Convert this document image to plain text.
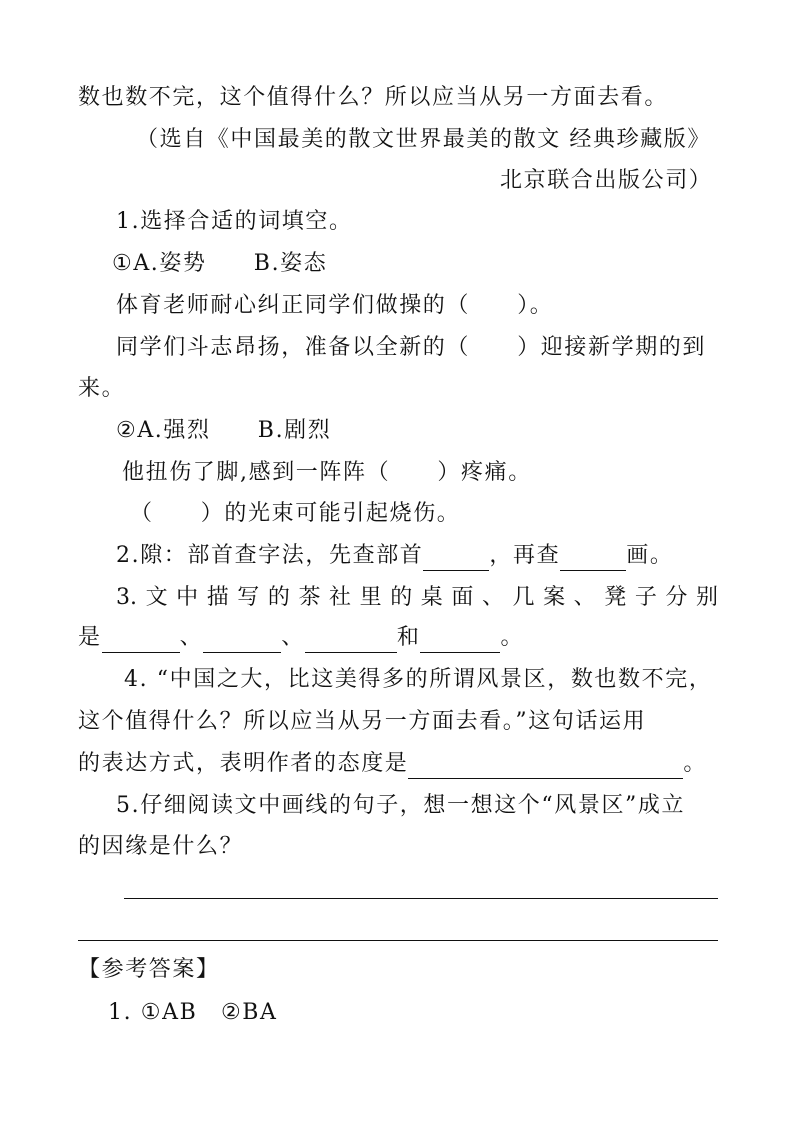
数也数不完，这个值得什么？所以应当从另一方面去看。
（选自《中国最美的散文世界最美的散文 经典珍藏版》
北京联合出版公司）
1.选择合适的词填空。
①A.姿势　　B.姿态
体育老师耐心纠正同学们做操的（　　）。
同学们斗志昂扬，准备以全新的（　　）迎接新学期的到
来。
②A.强烈　　B.剧烈
他扭伤了脚,感到一阵阵（　　）疼痛。
（　　）的光束可能引起烧伤。
2.隙：部首查字法，先查部首	，再查	画。
3.文中描写的茶社里的桌面、几案、凳子分别
是	、	、	和	。
4. “中国之大，比这美得多的所谓风景区，数也数不完，
这个值得什么？所以应当从另一方面去看。”这句话运用
的表达方式，表明作者的态度是	。
5.仔细阅读文中画线的句子，想一想这个“风景区”成立
的因缘是什么？
【参考答案】
1. ①AB　②BA
